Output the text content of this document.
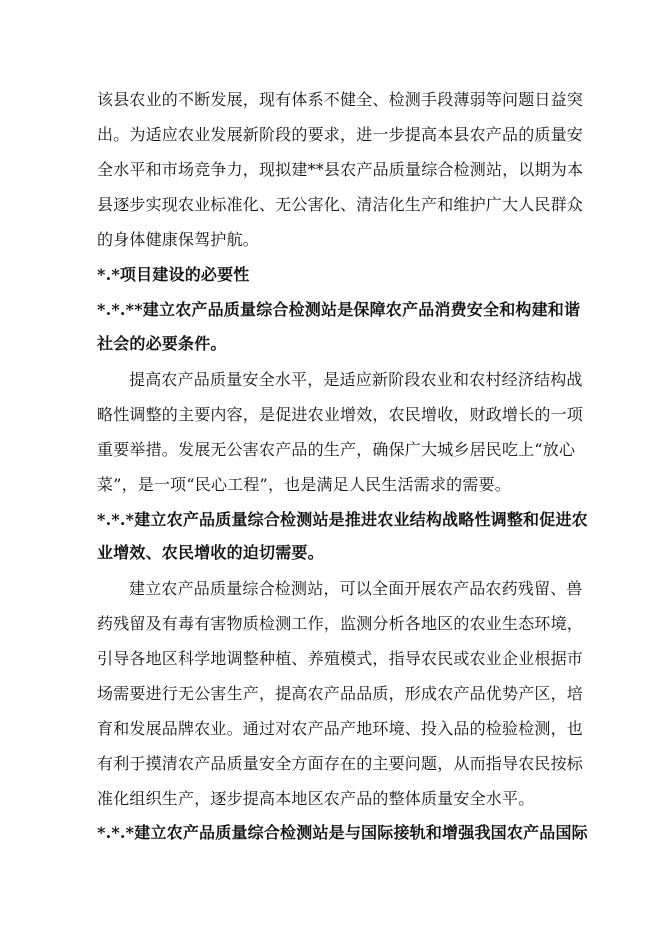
该县农业的不断发展，现有体系不健全、检测手段薄弱等问题日益突
出。为适应农业发展新阶段的要求，进一步提高本县农产品的质量安
全水平和市场竞争力，现拟建**县农产品质量综合检测站，以期为本
县逐步实现农业标准化、无公害化、清洁化生产和维护广大人民群众
的身体健康保驾护航。
*.*项目建设的必要性
*.*.**建立农产品质量综合检测站是保障农产品消费安全和构建和谐
社会的必要条件。
提高农产品质量安全水平，是适应新阶段农业和农村经济结构战
略性调整的主要内容，是促进农业增效，农民增收，财政增长的一项
重要举措。发展无公害农产品的生产，确保广大城乡居民吃上“放心
菜”，是一项“民心工程”，也是满足人民生活需求的需要。
*.*.*建立农产品质量综合检测站是推进农业结构战略性调整和促进农
业增效、农民增收的迫切需要。
建立农产品质量综合检测站，可以全面开展农产品农药残留、兽
药残留及有毒有害物质检测工作，监测分析各地区的农业生态环境，
引导各地区科学地调整种植、养殖模式，指导农民或农业企业根据市
场需要进行无公害生产，提高农产品品质，形成农产品优势产区，培
育和发展品牌农业。通过对农产品产地环境、投入品的检验检测，也
有利于摸清农产品质量安全方面存在的主要问题，从而指导农民按标
准化组织生产，逐步提高本地区农产品的整体质量安全水平。
*.*.*建立农产品质量综合检测站是与国际接轨和增强我国农产品国际
